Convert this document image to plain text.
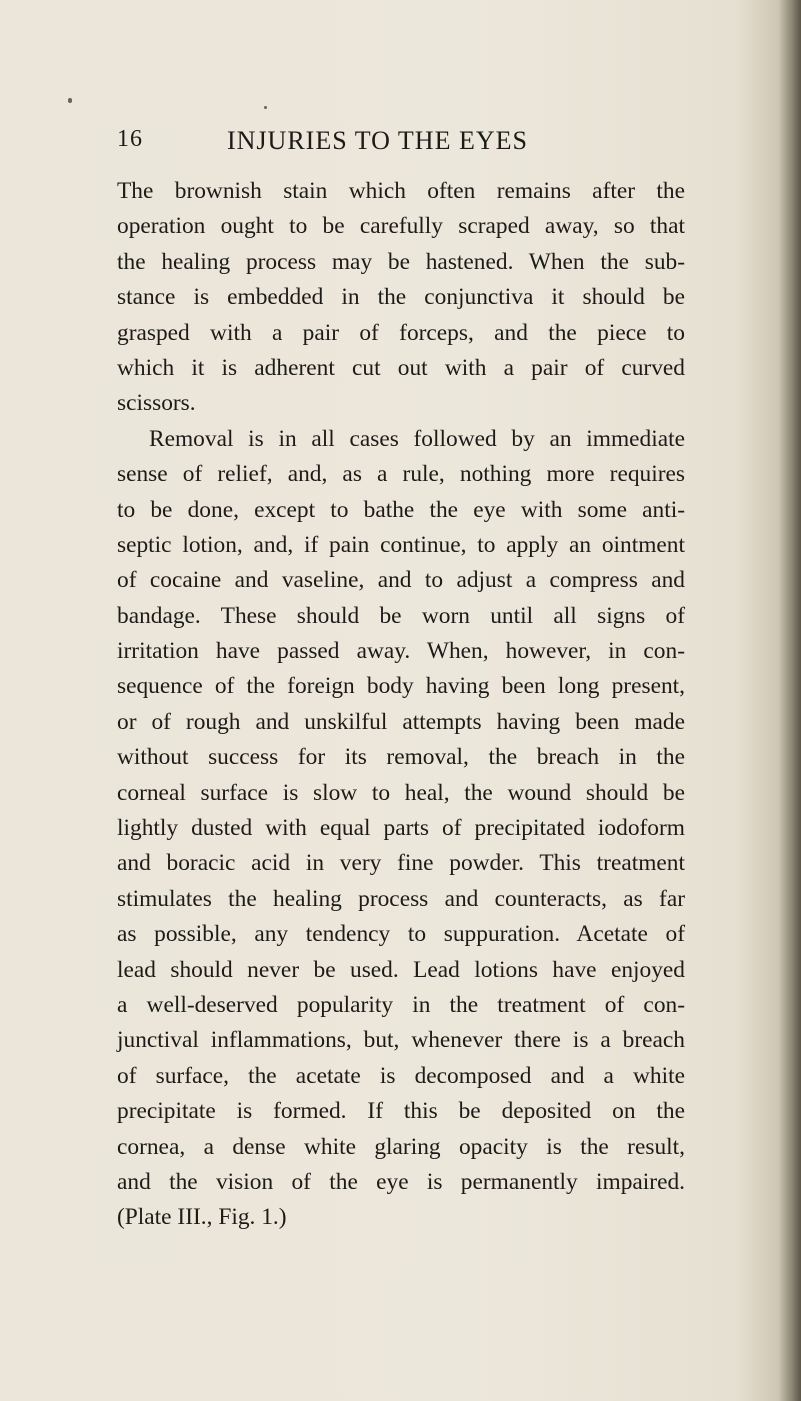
16	INJURIES TO THE EYES
The brownish stain which often remains after the
operation ought to be carefully scraped away, so that
the healing process may be hastened. When the sub-
stance is embedded in the conjunctiva it should be
grasped with a pair of forceps, and the piece to
which it is adherent cut out with a pair of curved
scissors.
Removal is in all cases followed by an immediate
sense of relief, and, as a rule, nothing more requires
to be done, except to bathe the eye with some anti-
septic lotion, and, if pain continue, to apply an ointment
of cocaine and vaseline, and to adjust a compress and
bandage. These should be worn until all signs of
irritation have passed away. When, however, in con-
sequence of the foreign body having been long present,
or of rough and unskilful attempts having been made
without success for its removal, the breach in the
corneal surface is slow to heal, the wound should be
lightly dusted with equal parts of precipitated iodoform
and boracic acid in very fine powder. This treatment
stimulates the healing process and counteracts, as far
as possible, any tendency to suppuration. Acetate of
lead should never be used. Lead lotions have enjoyed
a well-deserved popularity in the treatment of con-
junctival inflammations, but, whenever there is a breach
of surface, the acetate is decomposed and a white
precipitate is formed. If this be deposited on the
cornea, a dense white glaring opacity is the result,
and the vision of the eye is permanently impaired.
(Plate III., Fig. 1.)
